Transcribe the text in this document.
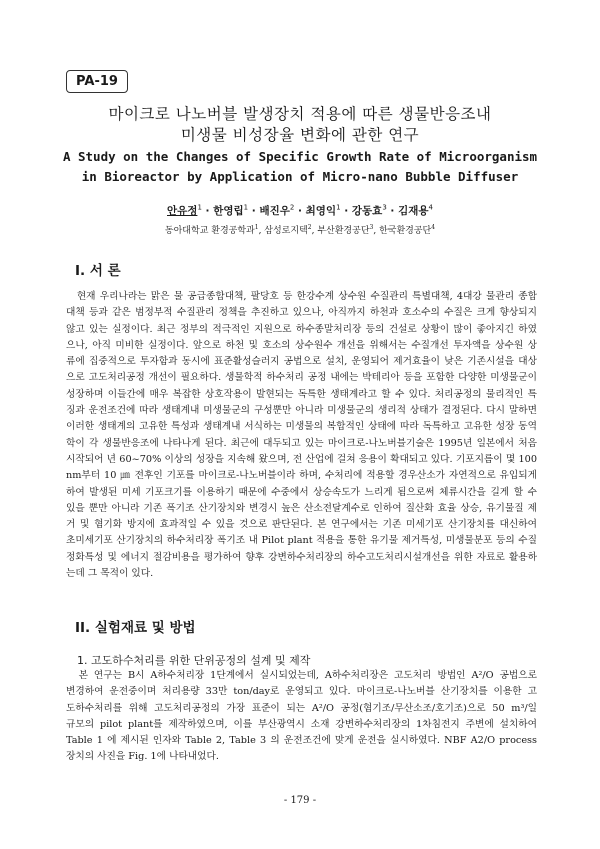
PA-19
마이크로 나노버블 발생장치 적용에 따른 생물반응조내
미생물 비성장율 변화에 관한 연구
A Study on the Changes of Specific Growth Rate of Microorganism
in Bioreactor by Application of Micro-nano Bubble Diffuser
안유정$^1$ · 한영립$^1$ · 배진우$^2$ · 최영익$^1$ · 강동효$^3$ · 김재용$^4$
동아대학교 환경공학과$^1$, 삼성로지텍$^2$, 부산환경공단$^3$, 한국환경공단$^4$
I. 서 론
　현재 우리나라는 맑은 물 공급종합대책, 팔당호 등 한강수계 상수원 수질관리 특별대책, 4대강 물관리 종합
대책 등과 같은 범정부적 수질관리 정책을 추진하고 있으나, 아직까지 하천과 호소수의 수질은 크게 향상되지
않고 있는 실정이다. 최근 정부의 적극적인 지원으로 하수종말처리장 등의 건설로 상황이 많이 좋아지긴 하였
으나, 아직 미비한 실정이다. 앞으로 하천 및 호소의 상수원수 개선을 위해서는 수질개선 투자액을 상수원 상
류에 집중적으로 투자함과 동시에 표준활성슬러지 공법으로 설치, 운영되어 제거효율이 낮은 기존시설을 대상
으로 고도처리공정 개선이 필요하다. 생물학적 하수처리 공정 내에는 박테리아 등을 포함한 다양한 미생물군이
성장하며 이들간에 매우 복잡한 상호작용이 발현되는 독특한 생태계라고 할 수 있다. 처리공정의 물리적인 특
징과 운전조건에 따라 생태계내 미생물군의 구성뿐만 아니라 미생물군의 생리적 상태가 결정된다. 다시 말하면
이러한 생태계의 고유한 특성과 생태계내 서식하는 미생물의 복합적인 상태에 따라 독특하고 고유한 성장 동역
학이 각 생물반응조에 나타나게 된다. 최근에 대두되고 있는 마이크로-나노버블기술은 1995년 일본에서 처음
시작되어 년 60~70% 이상의 성장을 지속해 왔으며, 전 산업에 걸쳐 응용이 확대되고 있다. 기포지름이 몇 100
nm부터 10 ㎛ 전후인 기포를 마이크로-나노버블이라 하며, 수처리에 적용할 경우산소가 자연적으로 유입되게
하여 발생된 미세 기포크기를 이용하기 때문에 수중에서 상승속도가 느리게 됨으로써 체류시간을 길게 할 수
있을 뿐만 아니라 기존 폭기조 산기장치와 변경시 높은 산소전달계수로 인하여 질산화 효율 상승, 유기물질 제
거 및 혐기화 방지에 효과적일 수 있을 것으로 판단된다. 본 연구에서는 기존 미세기포 산기장치를 대신하여
초미세기포 산기장치의 하수처리장 폭기조 내 Pilot plant 적용을 통한 유기물 제거특성, 미생물분포 등의 수질
정화특성 및 에너지 절감비용을 평가하여 향후 강변하수처리장의 하수고도처리시설개선을 위한 자료로 활용하
는데 그 목적이 있다.
II. 실험재료 및 방법
1. 고도하수처리를 위한 단위공정의 설계 및 제작
　본 연구는 B시 A하수처리장 1단계에서 실시되었는데, A하수처리장은 고도처리 방법인 A²/O 공법으로
변경하여 운전중이며 처리용량 33만 ton/day로 운영되고 있다. 마이크로-나노버블 산기장치를 이용한 고
도하수처리를 위해 고도처리공정의 가장 표준이 되는 A²/O 공정(혐기조/무산소조/호기조)으로 50 m³/일
규모의 pilot plant를 제작하였으며, 이를 부산광역시 소재 강변하수처리장의 1차침전지 주변에 설치하여
Table 1 에 제시된 인자와 Table 2, Table 3 의 운전조건에 맞게 운전을 실시하였다. NBF A2/O process
장치의 사진을 Fig. 1에 나타내었다.
- 179 -
